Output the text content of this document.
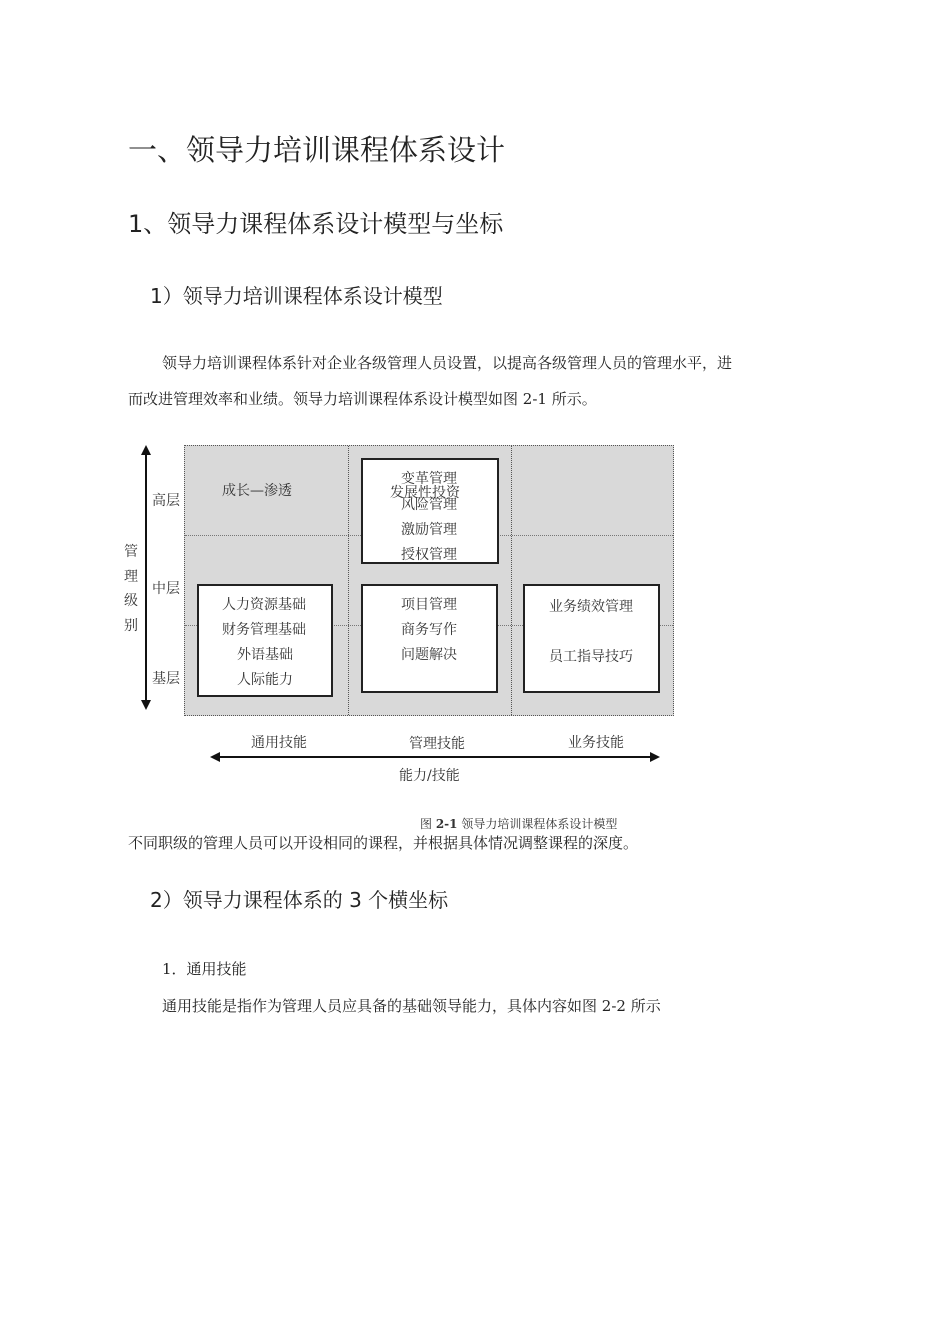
一、领导力培训课程体系设计
1、领导力课程体系设计模型与坐标
1）领导力培训课程体系设计模型
领导力培训课程体系针对企业各级管理人员设置，以提高各级管理人员的管理水平，进
而改进管理效率和业绩。领导力培训课程体系设计模型如图 2-1 所示。
管
理
级
别
高层
中层
基层
成长—渗透
变革管理
发展性投资
风险管理
激励管理
授权管理
人力资源基础
财务管理基础
外语基础
人际能力
项目管理
商务写作
问题解决
业务绩效管理
员工指导技巧
通用技能	管理技能	业务技能
能力/技能
图 2-1 领导力培训课程体系设计模型
不同职级的管理人员可以开设相同的课程，并根据具体情况调整课程的深度。
2）领导力课程体系的 3 个横坐标
1．通用技能
通用技能是指作为管理人员应具备的基础领导能力，具体内容如图 2-2 所示
